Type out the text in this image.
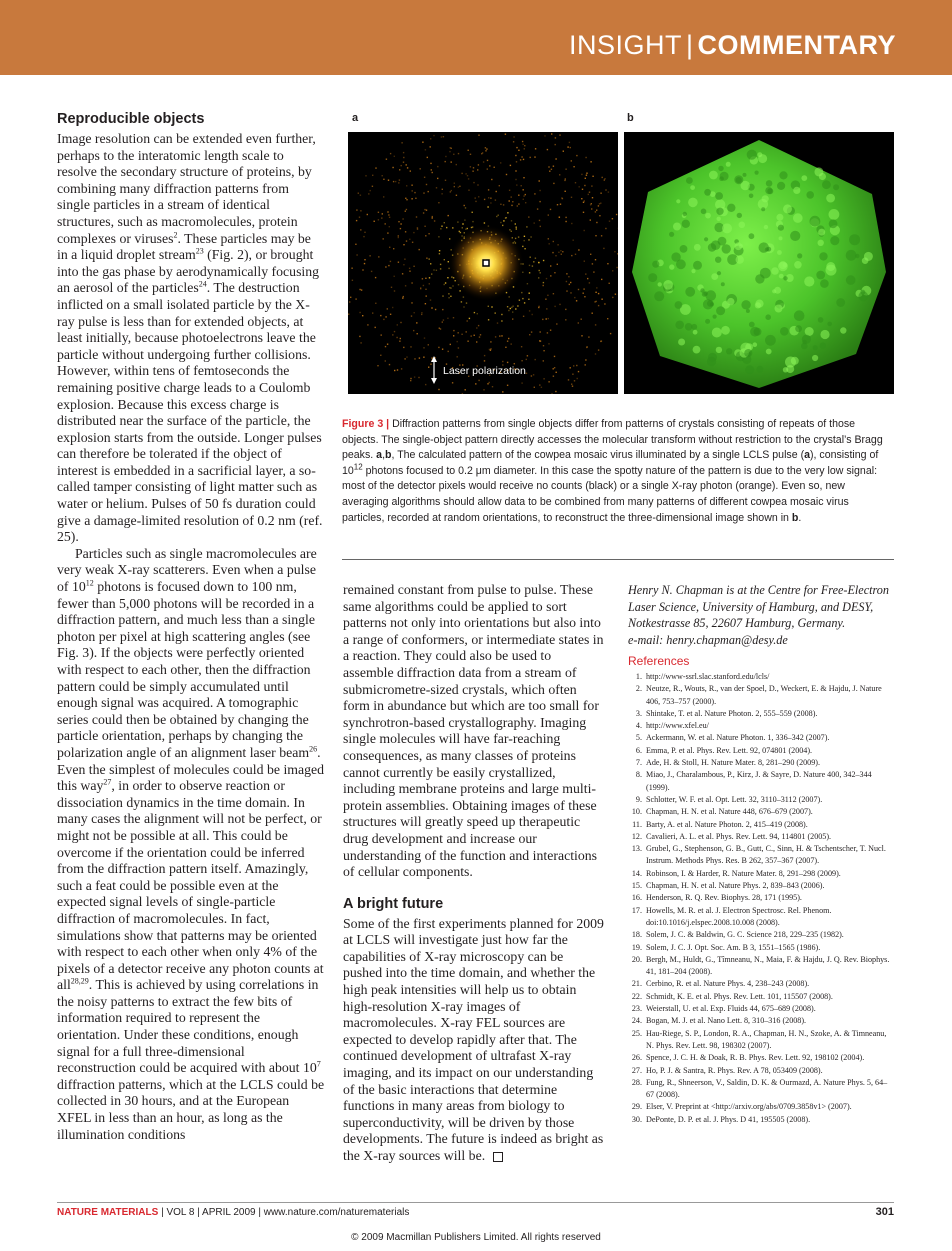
INSIGHT | COMMENTARY
Reproducible objects

Image resolution can be extended even further, perhaps to the interatomic length scale to resolve the secondary structure of proteins, by combining many diffraction patterns from single particles in a stream of identical structures, such as macromolecules, protein complexes or viruses$^2$. These particles may be in a liquid droplet stream$^{23}$ (Fig. 2), or brought into the gas phase by aerodynamically focusing an aerosol of the particles$^{24}$. The destruction inflicted on a small isolated particle by the X-ray pulse is less than for extended objects, at least initially, because photoelectrons leave the particle without undergoing further collisions. However, within tens of femtoseconds the remaining positive charge leads to a Coulomb explosion. Because this excess charge is distributed near the surface of the particle, the explosion starts from the outside. Longer pulses can therefore be tolerated if the object of interest is embedded in a sacrificial layer, a so-called tamper consisting of light matter such as water or helium. Pulses of 50 fs duration could give a damage-limited resolution of 0.2 nm (ref. 25).

Particles such as single macromolecules are very weak X-ray scatterers. Even when a pulse of $10^{12}$ photons is focused down to 100 nm, fewer than 5,000 photons will be recorded in a diffraction pattern, and much less than a single photon per pixel at high scattering angles (see Fig. 3). If the objects were perfectly oriented with respect to each other, then the diffraction pattern could be simply accumulated until enough signal was acquired. A tomographic series could then be obtained by changing the particle orientation, perhaps by changing the polarization angle of an alignment laser beam$^{26}$. Even the simplest of molecules could be imaged this way$^{27}$, in order to observe reaction or dissociation dynamics in the time domain. In many cases the alignment will not be perfect, or might not be possible at all. This could be overcome if the orientation could be inferred from the diffraction pattern itself. Amazingly, such a feat could be possible even at the expected signal levels of single-particle diffraction of macromolecules. In fact, simulations show that patterns may be oriented with respect to each other when only 4% of the pixels of a detector receive any photon counts at all$^{28,29}$. This is achieved by using correlations in the noisy patterns to extract the few bits of information required to represent the orientation. Under these conditions, enough signal for a full three-dimensional reconstruction could be acquired with about $10^7$ diffraction patterns, which at the LCLS could be collected in 30 hours, and at the European XFEL in less than an hour, as long as the illumination conditions

a	b
Laser polarization
Figure 3 | Diffraction patterns from single objects differ from patterns of crystals consisting of repeats of those objects. The single-object pattern directly accesses the molecular transform without restriction to the crystal’s Bragg peaks. a,b, The calculated pattern of the cowpea mosaic virus illuminated by a single LCLS pulse (a), consisting of $10^{12}$ photons focused to 0.2 μm diameter. In this case the spotty nature of the pattern is due to the very low signal: most of the detector pixels would receive no counts (black) or a single X-ray photon (orange). Even so, new averaging algorithms should allow data to be combined from many patterns of different cowpea mosaic virus particles, recorded at random orientations, to reconstruct the three-dimensional image shown in b.

remained constant from pulse to pulse. These same algorithms could be applied to sort patterns not only into orientations but also into a range of conformers, or intermediate states in a reaction. They could also be used to assemble diffraction data from a stream of submicrometre-sized crystals, which often form in abundance but which are too small for synchrotron-based crystallography. Imaging single molecules will have far-reaching consequences, as many classes of proteins cannot currently be easily crystallized, including membrane proteins and large multi-protein assemblies. Obtaining images of these structures will greatly speed up therapeutic drug development and increase our understanding of the function and interactions of cellular components.

A bright future

Some of the first experiments planned for 2009 at LCLS will investigate just how far the capabilities of X-ray microscopy can be pushed into the time domain, and whether the high peak intensities will help us to obtain high-resolution X-ray images of macromolecules. X-ray FEL sources are expected to develop rapidly after that. The continued development of ultrafast X-ray imaging, and its impact on our understanding of the basic interactions that determine functions in many areas from biology to superconductivity, will be driven by those developments. The future is indeed as bright as the X-ray sources will be.

Henry N. Chapman is at the Centre for Free-Electron Laser Science, University of Hamburg, and DESY, Notkestrasse 85, 22607 Hamburg, Germany.

e-mail: henry.chapman@desy.de

References
1. http://www-ssrl.slac.stanford.edu/lcls/
2. Neutze, R., Wouts, R., van der Spoel, D., Weckert, E. & Hajdu, J. Nature 406, 753–757 (2000).
3. Shintake, T. et al. Nature Photon. 2, 555–559 (2008).
4. http://www.xfel.eu/
5. Ackermann, W. et al. Nature Photon. 1, 336–342 (2007).
6. Emma, P. et al. Phys. Rev. Lett. 92, 074801 (2004).
7. Ade, H. & Stoll, H. Nature Mater. 8, 281–290 (2009).
8. Miao, J., Charalambous, P., Kirz, J. & Sayre, D. Nature 400, 342–344 (1999).
9. Schlotter, W. F. et al. Opt. Lett. 32, 3110–3112 (2007).
10. Chapman, H. N. et al. Nature 448, 676–679 (2007).
11. Barty, A. et al. Nature Photon. 2, 415–419 (2008).
12. Cavalieri, A. L. et al. Phys. Rev. Lett. 94, 114801 (2005).
13. Grubel, G., Stephenson, G. B., Gutt, C., Sinn, H. & Tschentscher, T. Nucl. Instrum. Methods Phys. Res. B 262, 357–367 (2007).
14. Robinson, I. & Harder, R. Nature Mater. 8, 291–298 (2009).
15. Chapman, H. N. et al. Nature Phys. 2, 839–843 (2006).
16. Henderson, R. Q. Rev. Biophys. 28, 171 (1995).
17. Howells, M. R. et al. J. Electron Spectrosc. Rel. Phenom. doi:10.1016/j.elspec.2008.10.008 (2008).
18. Solem, J. C. & Baldwin, G. C. Science 218, 229–235 (1982).
19. Solem, J. C. J. Opt. Soc. Am. B 3, 1551–1565 (1986).
20. Bergh, M., Huldt, G., Tîmneanu, N., Maia, F. & Hajdu, J. Q. Rev. Biophys. 41, 181–204 (2008).
21. Cerbino, R. et al. Nature Phys. 4, 238–243 (2008).
22. Schmidt, K. E. et al. Phys. Rev. Lett. 101, 115507 (2008).
23. Weierstall, U. et al. Exp. Fluids 44, 675–689 (2008).
24. Bogan, M. J. et al. Nano Lett. 8, 310–316 (2008).
25. Hau-Riege, S. P., London, R. A., Chapman, H. N., Szoke, A. & Timneanu, N. Phys. Rev. Lett. 98, 198302 (2007).
26. Spence, J. C. H. & Doak, R. B. Phys. Rev. Lett. 92, 198102 (2004).
27. Ho, P. J. & Santra, R. Phys. Rev. A 78, 053409 (2008).
28. Fung, R., Shneerson, V., Saldin, D. K. & Ourmazd, A. Nature Phys. 5, 64–67 (2008).
29. Elser, V. Preprint at <http://arxiv.org/abs/0709.3858v1> (2007).
30. DePonte, D. P. et al. J. Phys. D 41, 195505 (2008).
NATURE MATERIALS | VOL 8 | APRIL 2009 | www.nature.com/naturematerials	301
© 2009 Macmillan Publishers Limited. All rights reserved
